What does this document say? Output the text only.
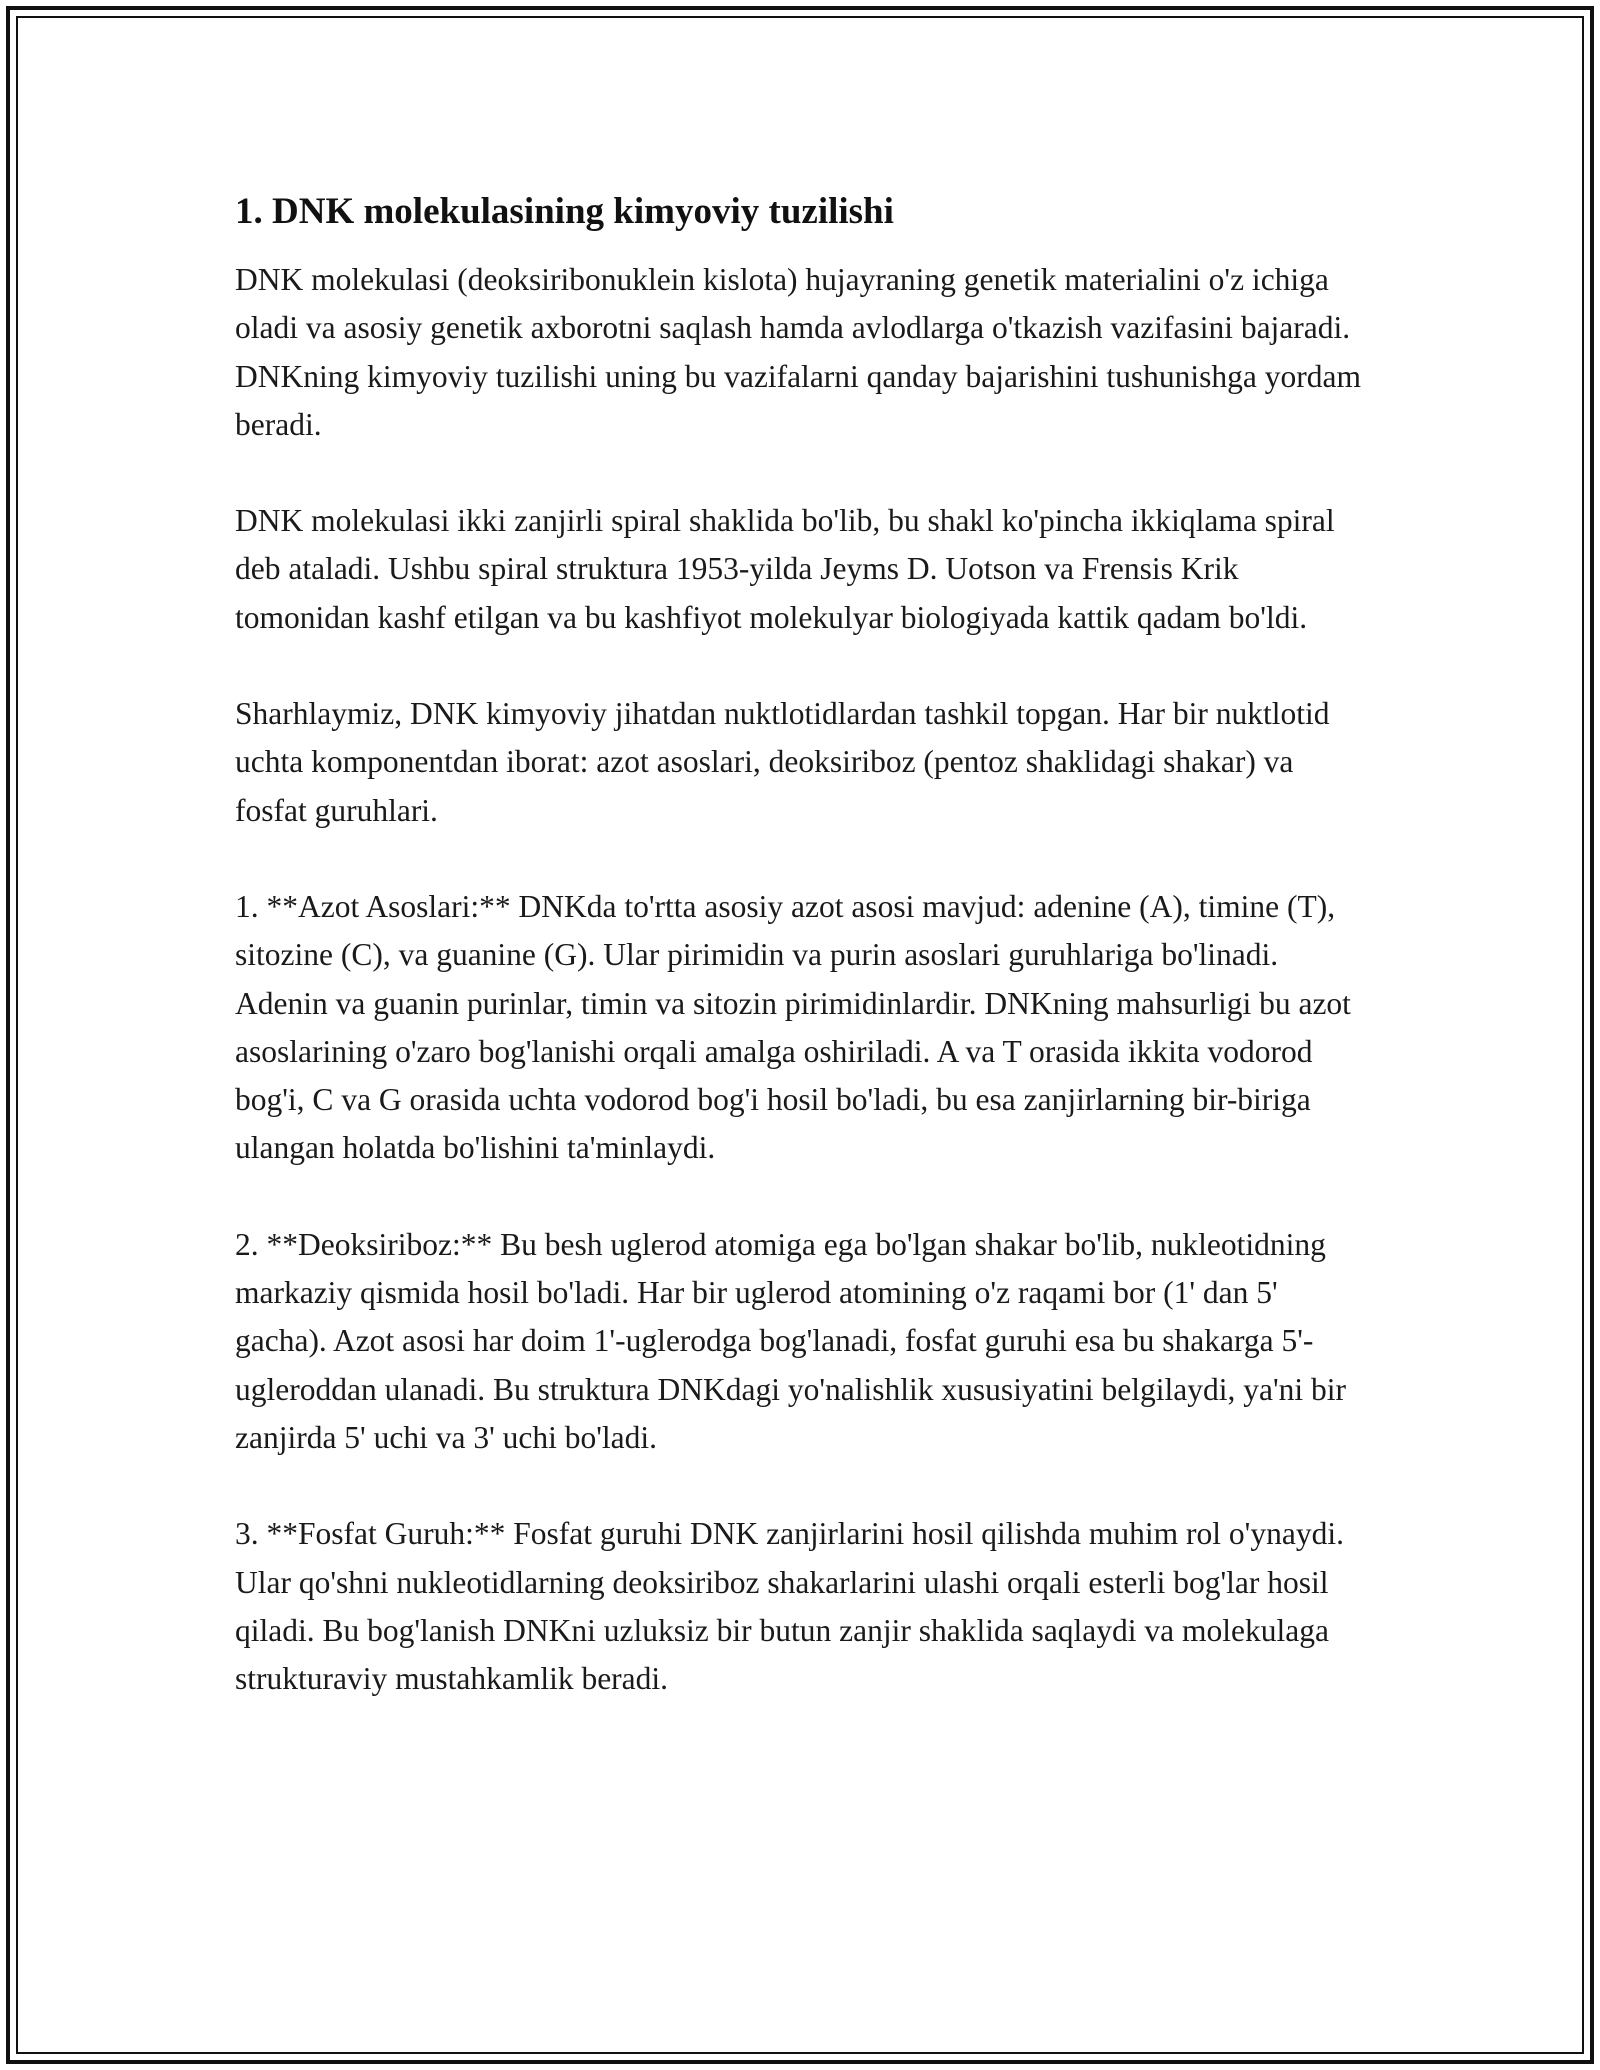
1. DNK molekulasining kimyoviy tuzilishi

DNK molekulasi (deoksiribonuklein kislota) hujayraning genetik materialini o'z ichiga oladi va asosiy genetik axborotni saqlash hamda avlodlarga o'tkazish vazifasini bajaradi. DNKning kimyoviy tuzilishi uning bu vazifalarni qanday bajarishini tushunishga yordam beradi.

DNK molekulasi ikki zanjirli spiral shaklida bo'lib, bu shakl ko'pincha ikkiqlama spiral deb ataladi. Ushbu spiral struktura 1953-yilda Jeyms D. Uotson va Frensis Krik tomonidan kashf etilgan va bu kashfiyot molekulyar biologiyada kattik qadam bo'ldi.

Sharhlaymiz, DNK kimyoviy jihatdan nuktlotidlardan tashkil topgan. Har bir nuktlotid uchta komponentdan iborat: azot asoslari, deoksiriboz (pentoz shaklidagi shakar) va fosfat guruhlari.

1. **Azot Asoslari:** DNKda to'rtta asosiy azot asosi mavjud: adenine (A), timine (T), sitozine (C), va guanine (G). Ular pirimidin va purin asoslari guruhlariga bo'linadi. Adenin va guanin purinlar, timin va sitozin pirimidinlardir. DNKning mahsurligi bu azot asoslarining o'zaro bog'lanishi orqali amalga oshiriladi. A va T orasida ikkita vodorod bog'i, C va G orasida uchta vodorod bog'i hosil bo'ladi, bu esa zanjirlarning bir-biriga ulangan holatda bo'lishini ta'minlaydi.

2. **Deoksiriboz:** Bu besh uglerod atomiga ega bo'lgan shakar bo'lib, nukleotidning markaziy qismida hosil bo'ladi. Har bir uglerod atomining o'z raqami bor (1' dan 5' gacha). Azot asosi har doim 1'-uglerodga bog'lanadi, fosfat guruhi esa bu shakarga 5'-ugleroddan ulanadi. Bu struktura DNKdagi yo'nalishlik xususiyatini belgilaydi, ya'ni bir zanjirda 5' uchi va 3' uchi bo'ladi.

3. **Fosfat Guruh:** Fosfat guruhi DNK zanjirlarini hosil qilishda muhim rol o'ynaydi. Ular qo'shni nukleotidlarning deoksiriboz shakarlarini ulashi orqali esterli bog'lar hosil qiladi. Bu bog'lanish DNKni uzluksiz bir butun zanjir shaklida saqlaydi va molekulaga strukturaviy mustahkamlik beradi.
